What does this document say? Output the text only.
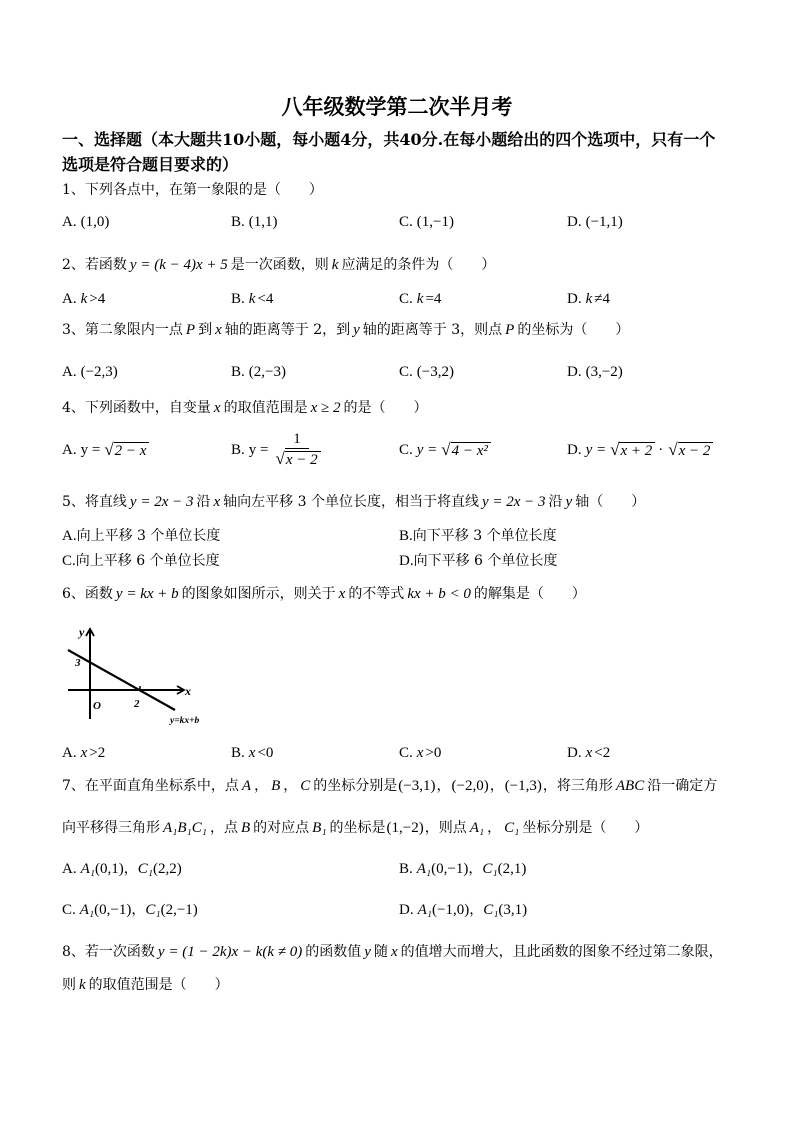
八年级数学第二次半月考
一、选择题（本大题共10小题，每小题4分，共40分.在每小题给出的四个选项中，只有一个
选项是符合题目要求的）
1、下列各点中，在第一象限的是（　　）
A. (1,0)	B. (1,1)	C. (1,−1)	D. (−1,1)
2、若函数 y = (k − 4)x + 5 是一次函数，则 k 应满足的条件为（　　）
A. k >4	B. k <4	C. k =4	D. k ≠4
3、第二象限内一点 P 到 x 轴的距离等于 2，到 y 轴的距离等于 3，则点 P 的坐标为（　　）
A. (−2,3)	B. (2,−3)	C. (−3,2)	D. (3,−2)
4、下列函数中，自变量 x 的取值范围是 x ≥ 2 的是（　　）
A. y = √ 2 − x	B. $y = \frac{1}{√ x - 2}$	C. y = √ 4 − x²	D. y = √ x + 2 · √ x − 2
5、将直线 y = 2x − 3 沿 x 轴向左平移 3 个单位长度，相当于将直线 y = 2x − 3 沿 y 轴（　　）
A.向上平移 3 个单位长度	B.向下平移 3 个单位长度
C.向上平移 6 个单位长度	D.向下平移 6 个单位长度
6、函数 y = kx + b 的图象如图所示，则关于 x 的不等式 kx + b < 0 的解集是（　　）
y
x
O	2
3
y=kx+b
A. x >2	B. x <0	C. x >0	D. x <2
7、在平面直角坐标系中，点 A ， B ， C 的坐标分别是(−3,1)，(−2,0)，(−1,3)，将三角形 ABC 沿一确定方
向平移得三角形 A₁B₁C₁ ，点 B 的对应点 B₁ 的坐标是(1,−2)，则点 A₁ ， C₁ 坐标分别是（　　）
A. A₁(0,1)，C₁(2,2)	B. A₁(0,−1)，C₁(2,1)
C. A₁(0,−1)，C₁(2,−1)	D. A₁(−1,0)，C₁(3,1)
8、若一次函数 y = (1 − 2k)x − k(k ≠ 0) 的函数值 y 随 x 的值增大而增大，且此函数的图象不经过第二象限，
则 k 的取值范围是（　　）
